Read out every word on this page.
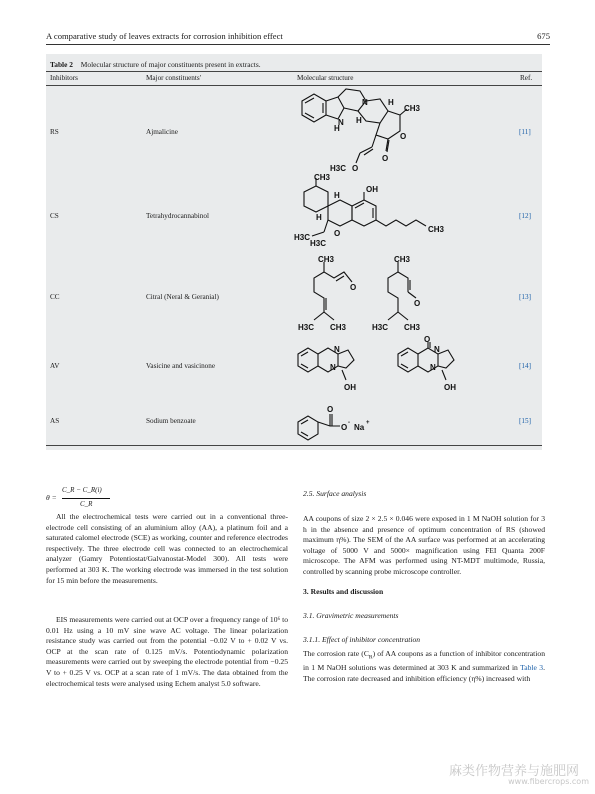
A comparative study of leaves extracts for corrosion inhibition effect	675
Table 2 Molecular structure of major constituents present in extracts.
Inhibitors	Major constituents'	Molecular structure	Ref.
RS	Ajmalicine	[11]
CS	Tetrahydrocannabinol	[12]
CC	Citral (Neral & Geranial)	[13]
AV	Vasicine and vasicinone	[14]
AS	Sodium benzoate	[15]
N
N
H
H
H
CH3
O
H3C O
O
CH3
OH
H
H
H3C
H3C
O	CH3
CH3
O
H3C CH3
CH3
O
H3C CH3
N
N
OH
O
N
N
OH
O
O - Na +
θ =
C_R − C_R(i)
C_R

All the electrochemical tests were carried out in a conventional three-electrode cell consisting of an aluminium alloy (AA), a platinum foil and a saturated calomel electrode (SCE) as working, counter and reference electrodes respectively. The three electrode cell was connected to an electrochemical analyzer (Gamry Potentiostat/Galvanostat-Model 300). All tests were performed at 303 K. The working electrode was immersed in the test solution for 15 min before the measurements.

EIS measurements were carried out at OCP over a frequency range of 10⁶ to 0.01 Hz using a 10 mV sine wave AC voltage. The linear polarization resistance study was carried out from the potential −0.02 V to + 0.02 V vs. OCP at the scan rate of 0.125 mV/s. Potentiodynamic polarization measurements were carried out by sweeping the electrode potential from −0.25 V to + 0.25 V vs. OCP at a scan rate of 1 mV/s. The data obtained from the electrochemical tests were analysed using Echem analyst 5.0 software.

2.5. Surface analysis

AA coupons of size 2 × 2.5 × 0.046 were exposed in 1 M NaOH solution for 3 h in the absence and presence of optimum concentration of RS (showed maximum η%). The SEM of the AA surface was performed at an accelerating voltage of 5000 V and 5000× magnification using FEI Quanta 200F microscope. The AFM was performed using NT-MDT multimode, Russia, controlled by scanning probe microscope controller.

3. Results and discussion
3.1. Gravimetric measurements
3.1.1. Effect of inhibitor concentration

The corrosion rate $(C_R)$ of AA coupons as a function of inhibitor concentration in 1 M NaOH solutions was determined at 303 K and summarized in Table 3. The corrosion rate decreased and inhibition efficiency (η%) increased with

麻类作物营养与施肥网
www.fibercrops.com
